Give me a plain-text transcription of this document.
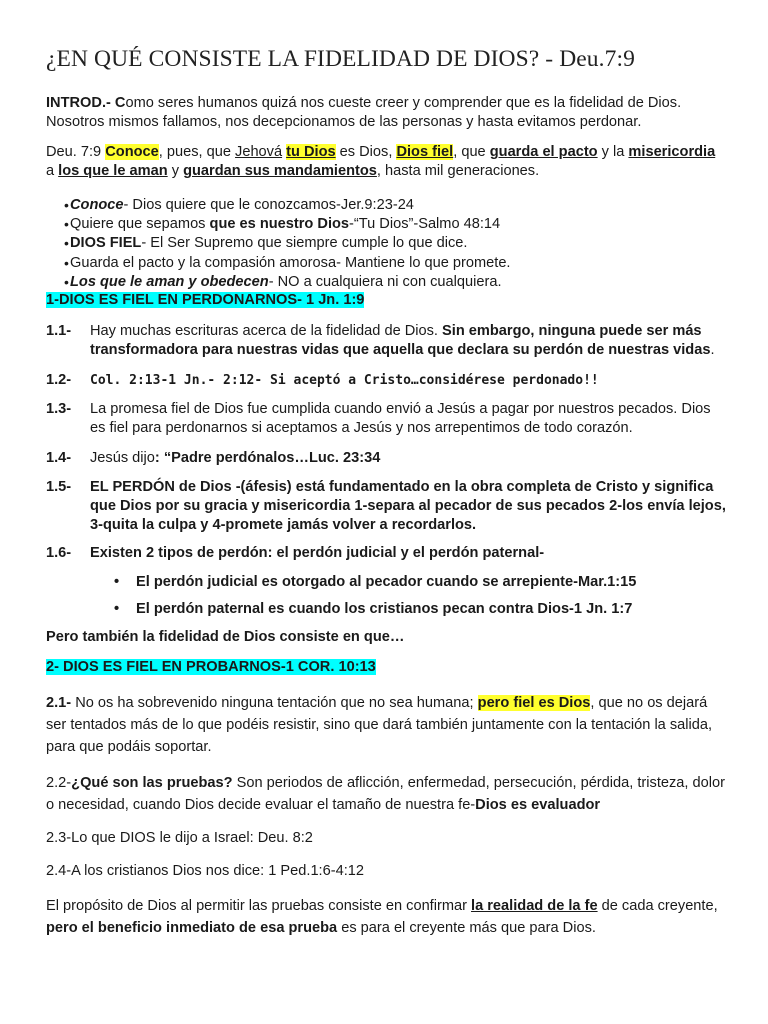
¿EN QUÉ CONSISTE LA FIDELIDAD DE DIOS? - Deu.7:9
INTROD.- Como seres humanos quizá nos cueste creer y comprender que es la fidelidad de Dios. Nosotros mismos fallamos, nos decepcionamos de las personas y hasta evitamos perdonar.
Deu. 7:9 Conoce, pues, que Jehová tu Dios es Dios, Dios fiel, que guarda el pacto y la misericordia
a los que le aman y guardan sus mandamientos, hasta mil generaciones.
• Conoce- Dios quiere que le conozcamos-Jer.9:23-24
• Quiere que sepamos que es nuestro Dios-“Tu Dios”-Salmo 48:14
• DIOS FIEL- El Ser Supremo que siempre cumple lo que dice.
• Guarda el pacto y la compasión amorosa- Mantiene lo que promete.
• Los que le aman y obedecen- NO a cualquiera ni con cualquiera.
1-DIOS ES FIEL EN PERDONARNOS- 1 Jn. 1:9
1.1-	Hay muchas escrituras acerca de la fidelidad de Dios. Sin embargo, ninguna puede ser más transformadora para nuestras vidas que aquella que declara su perdón de nuestras vidas.
1.2-	Col. 2:13-1 Jn.- 2:12- Si aceptó a Cristo…considérese perdonado!!
1.3-	La promesa fiel de Dios fue cumplida cuando envió a Jesús a pagar por nuestros pecados. Dios es fiel para perdonarnos si aceptamos a Jesús y nos arrepentimos de todo corazón.
1.4-	Jesús dijo: “Padre perdónalos…Luc. 23:34
1.5-	EL PERDÓN de Dios -(áfesis) está fundamentado en la obra completa de Cristo y significa que Dios por su gracia y misericordia 1-separa al pecador de sus pecados 2-los envía lejos, 3-quita la culpa y 4-promete jamás volver a recordarlos.
1.6-	Existen 2 tipos de perdón: el perdón judicial y el perdón paternal-
• El perdón judicial es otorgado al pecador cuando se arrepiente-Mar.1:15
• El perdón paternal es cuando los cristianos pecan contra Dios-1 Jn. 1:7
Pero también la fidelidad de Dios consiste en que…
2- DIOS ES FIEL EN PROBARNOS-1 COR. 10:13
2.1- No os ha sobrevenido ninguna tentación que no sea humana; pero fiel es Dios, que no os dejará ser tentados más de lo que podéis resistir, sino que dará también juntamente con la tentación la salida, para que podáis soportar.
2.2-¿Qué son las pruebas? Son periodos de aflicción, enfermedad, persecución, pérdida, tristeza, dolor o necesidad, cuando Dios decide evaluar el tamaño de nuestra fe-Dios es evaluador
2.3-Lo que DIOS le dijo a Israel: Deu. 8:2
2.4-A los cristianos Dios nos dice: 1 Ped.1:6-4:12
El propósito de Dios al permitir las pruebas consiste en confirmar la realidad de la fe de cada creyente, pero el beneficio inmediato de esa prueba es para el creyente más que para Dios.
